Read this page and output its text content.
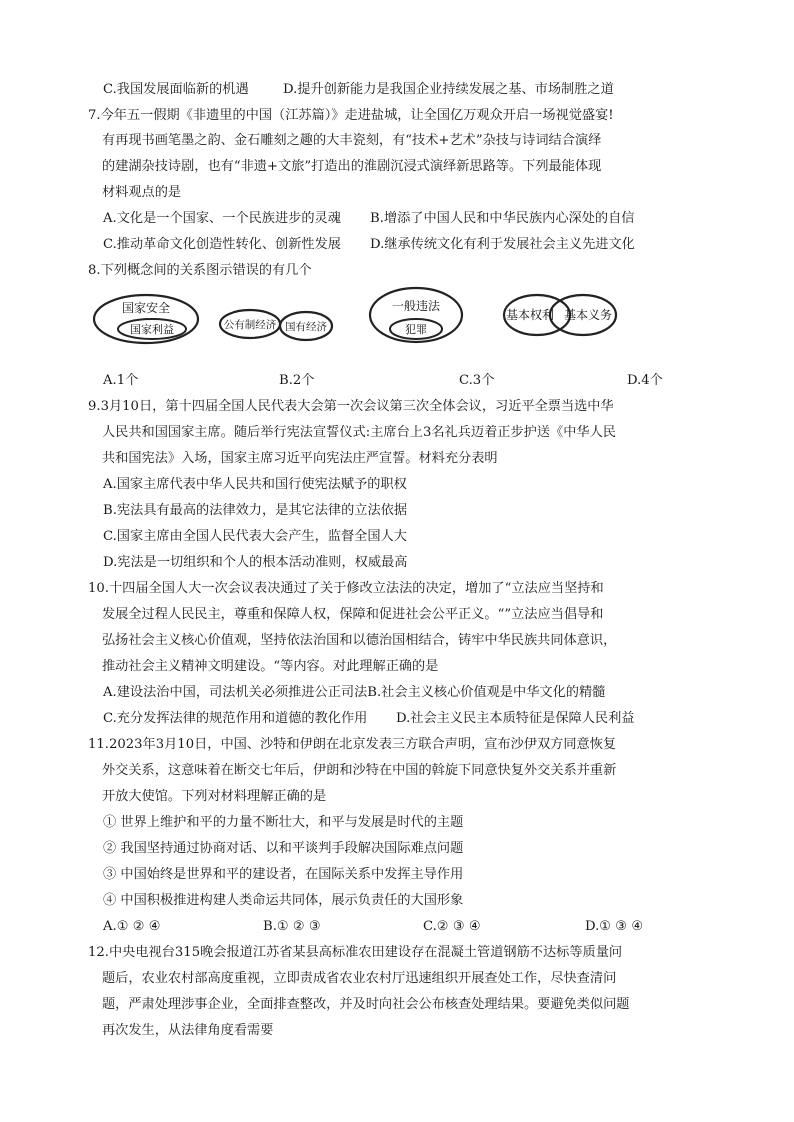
C.我国发展面临新的机遇	D.提升创新能力是我国企业持续发展之基、市场制胜之道
7.今年五一假期《非遗里的中国（江苏篇）》走进盐城，让全国亿万观众开启一场视觉盛宴!
有再现书画笔墨之韵、金石雕刻之趣的大丰瓷刻，有“技术+艺术”杂技与诗词结合演绎
的建湖杂技诗剧，也有“非遗+文旅”打造出的淮剧沉浸式演绎新思路等。下列最能体现
材料观点的是
A.文化是一个国家、一个民族进步的灵魂 B.增添了中国人民和中华民族内心深处的自信
C.推动革命文化创造性转化、创新性发展 D.继承传统文化有利于发展社会主义先进文化
8.下列概念间的关系图示错误的有几个
国家安全
国家利益	公有制经济 国有经济
一般违法
犯罪
基本权利 基本义务
A.1个	B.2个	C.3个	D.4个
9.3月10日，第十四届全国人民代表大会第一次会议第三次全体会议，习近平全票当选中华
人民共和国国家主席。随后举行宪法宣誓仪式:主席台上3名礼兵迈着正步护送《中华人民
共和国宪法》入场，国家主席习近平向宪法庄严宣誓。材料充分表明
A.国家主席代表中华人民共和国行使宪法赋予的职权
B.宪法具有最高的法律效力，是其它法律的立法依据
C.国家主席由全国人民代表大会产生，监督全国人大
D.宪法是一切组织和个人的根本活动准则，权威最高
10.十四届全国人大一次会议表决通过了关于修改立法法的决定，增加了“立法应当坚持和
发展全过程人民民主，尊重和保障人权，保障和促进社会公平正义。“”立法应当倡导和
弘扬社会主义核心价值观，坚持依法治国和以德治国相结合，铸牢中华民族共同体意识，
推动社会主义精神文明建设。“等内容。对此理解正确的是
A.建设法治中国，司法机关必须推进公正司法B.社会主义核心价值观是中华文化的精髓
C.充分发挥法律的规范作用和道德的教化作用 D.社会主义民主本质特征是保障人民利益
11.2023年3月10日，中国、沙特和伊朗在北京发表三方联合声明，宣布沙伊双方同意恢复
外交关系，这意味着在断交七年后，伊朗和沙特在中国的斡旋下同意快复外交关系并重新
开放大使馆。下列对材料理解正确的是
① 世界上维护和平的力量不断壮大，和平与发展是时代的主题
② 我国坚持通过协商对话、以和平谈判手段解决国际难点问题
③ 中国始终是世界和平的建设者，在国际关系中发挥主导作用
④ 中国积极推进构建人类命运共同体，展示负责任的大国形象
A.① ② ④	B.① ② ③	C.② ③ ④	D.① ③ ④
12.中央电视台315晚会报道江苏省某县高标准农田建设存在混凝土管道钢筋不达标等质量问
题后，农业农村部高度重视，立即责成省农业农村厅迅速组织开展查处工作，尽快查清问
题，严肃处理涉事企业，全面排查整改，并及时向社会公布核查处理结果。要避免类似问题
再次发生，从法律角度看需要
